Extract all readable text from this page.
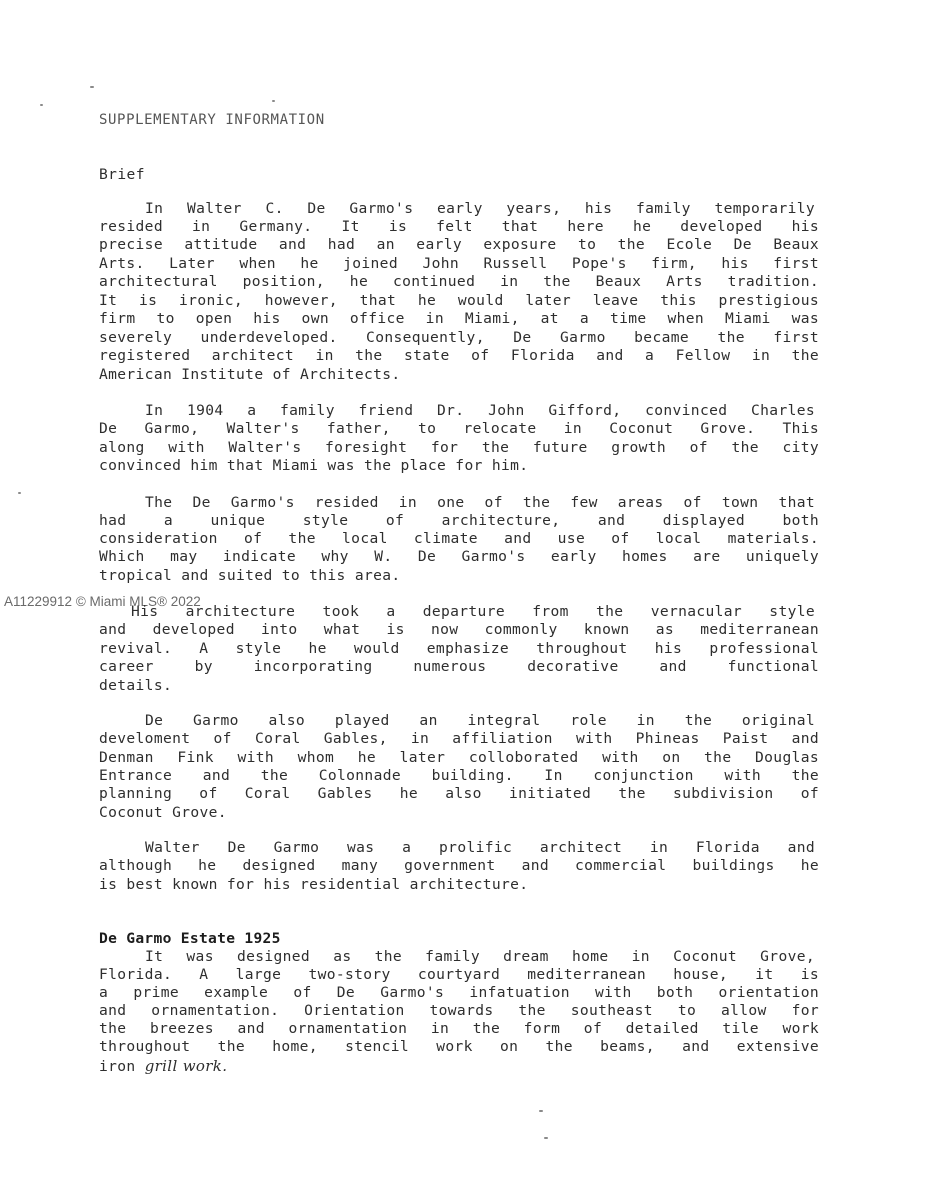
A11229912 © Miami MLS® 2022
SUPPLEMENTARY INFORMATION
Brief
In Walter C. De Garmo's early years, his family temporarily
resided in Germany. It is felt that here he developed his
precise attitude and had an early exposure to the Ecole De Beaux
Arts. Later when he joined John Russell Pope's firm, his first
architectural position, he continued in the Beaux Arts tradition.
It is ironic, however, that he would later leave this prestigious
firm to open his own office in Miami, at a time when Miami was
severely underdeveloped. Consequently, De Garmo became the first
registered architect in the state of Florida and a Fellow in the
American Institute of Architects.
In 1904 a family friend Dr. John Gifford, convinced Charles
De Garmo, Walter's father, to relocate in Coconut Grove. This
along with Walter's foresight for the future growth of the city
convinced him that Miami was the place for him.
The De Garmo's resided in one of the few areas of town that
had a unique style of architecture, and displayed both
consideration of the local climate and use of local materials.
Which may indicate why W. De Garmo's early homes are uniquely
tropical and suited to this area.
His architecture took a departure from the vernacular style
and developed into what is now commonly known as mediterranean
revival. A style he would emphasize throughout his professional
career by incorporating numerous decorative and functional
details.
De Garmo also played an integral role in the original
develoment of Coral Gables, in affiliation with Phineas Paist and
Denman Fink with whom he later colloborated with on the Douglas
Entrance and the Colonnade building. In conjunction with the
planning of Coral Gables he also initiated the subdivision of
Coconut Grove.
Walter De Garmo was a prolific architect in Florida and
although he designed many government and commercial buildings he
is best known for his residential architecture.
De Garmo Estate 1925
It was designed as the family dream home in Coconut Grove,
Florida. A large two-story courtyard mediterranean house, it is
a prime example of De Garmo's infatuation with both orientation
and ornamentation. Orientation towards the southeast to allow for
the breezes and ornamentation in the form of detailed tile work
throughout the home, stencil work on the beams, and extensive
iron grill work.
